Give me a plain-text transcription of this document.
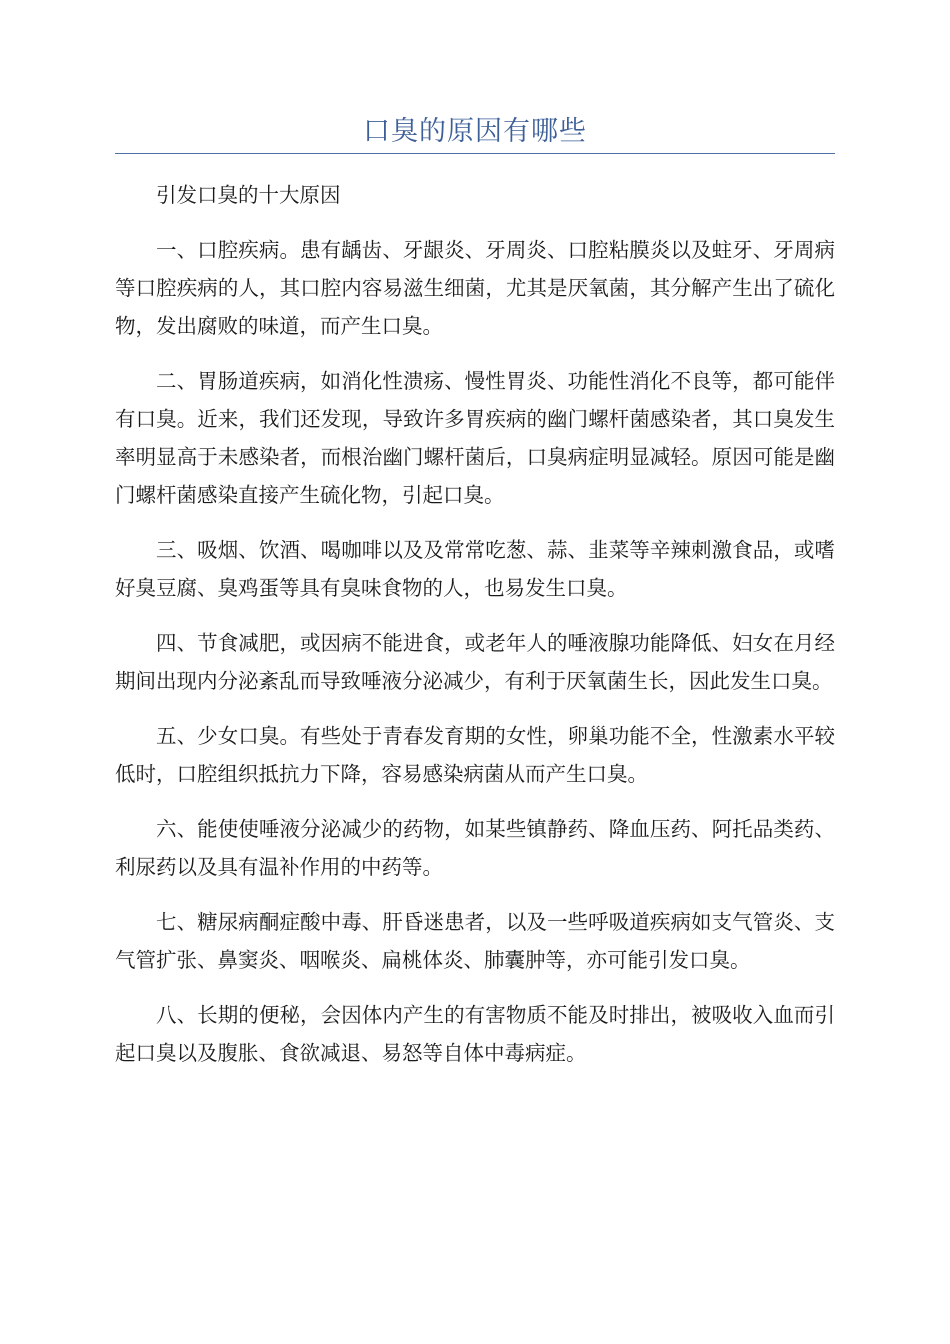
口臭的原因有哪些

引发口臭的十大原因

一、口腔疾病。患有龋齿、牙龈炎、牙周炎、口腔粘膜炎以及蛀牙、牙周病等口腔疾病的人，其口腔内容易滋生细菌，尤其是厌氧菌，其分解产生出了硫化物，发出腐败的味道，而产生口臭。

二、胃肠道疾病，如消化性溃疡、慢性胃炎、功能性消化不良等，都可能伴有口臭。近来，我们还发现，导致许多胃疾病的幽门螺杆菌感染者，其口臭发生率明显高于未感染者，而根治幽门螺杆菌后，口臭病症明显减轻。原因可能是幽门螺杆菌感染直接产生硫化物，引起口臭。

三、吸烟、饮酒、喝咖啡以及及常常吃葱、蒜、韭菜等辛辣刺激食品，或嗜好臭豆腐、臭鸡蛋等具有臭味食物的人，也易发生口臭。

四、节食减肥，或因病不能进食，或老年人的唾液腺功能降低、妇女在月经期间出现内分泌紊乱而导致唾液分泌减少，有利于厌氧菌生长，因此发生口臭。

五、少女口臭。有些处于青春发育期的女性，卵巢功能不全，性激素水平较低时，口腔组织抵抗力下降，容易感染病菌从而产生口臭。

六、能使使唾液分泌减少的药物，如某些镇静药、降血压药、阿托品类药、利尿药以及具有温补作用的中药等。

七、糖尿病酮症酸中毒、肝昏迷患者，以及一些呼吸道疾病如支气管炎、支气管扩张、鼻窦炎、咽喉炎、扁桃体炎、肺囊肿等，亦可能引发口臭。

八、长期的便秘，会因体内产生的有害物质不能及时排出，被吸收入血而引起口臭以及腹胀、食欲减退、易怒等自体中毒病症。
